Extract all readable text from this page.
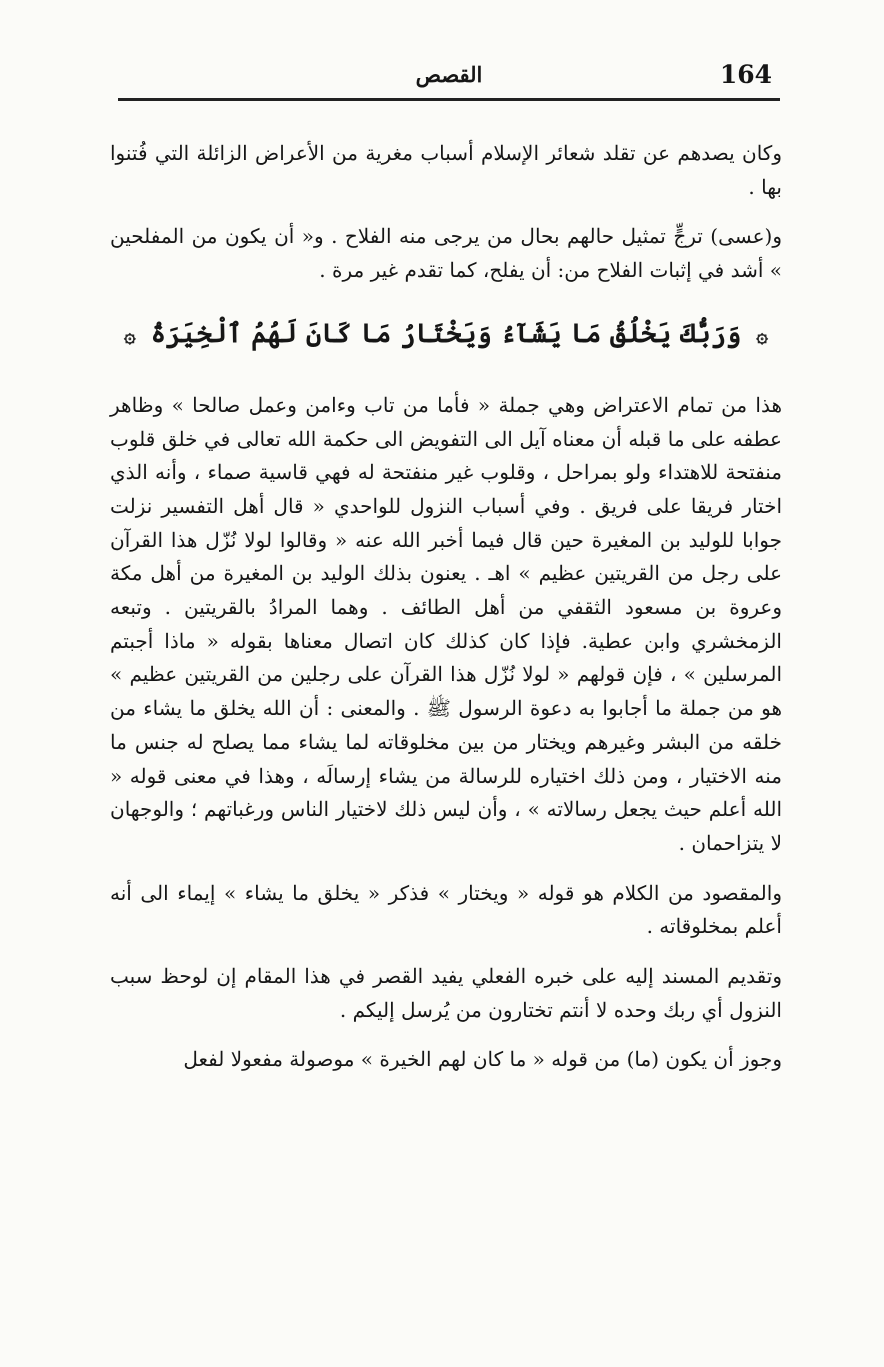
164
القصص

وكان يصدهم عن تقلد شعائر الإسلام أسباب مغرية من الأعراض الزائلة التي فُتنوا بها .

و(عسى) ترجٍّ تمثيل حالهم بحال من يرجى منه الفلاح . و« أن يكون من المفلحين » أشد في إثبات الفلاح من: أن يفلح، كما تقدم غير مرة .

۞ وَرَبُّكَ يَخْلُقُ مَا يَشَآءُ وَيَخْتَارُ مَا كَانَ لَهُمُ ٱلْخِيَرَةُ ۞

هذا من تمام الاعتراض وهي جملة « فأما من تاب وءامن وعمل صالحا » وظاهر عطفه على ما قبله أن معناه آيل الى التفويض الى حكمة الله تعالى في خلق قلوب منفتحة للاهتداء ولو بمراحل ، وقلوب غير منفتحة له فهي قاسية صماء ، وأنه الذي اختار فريقا على فريق . وفي أسباب النزول للواحدي « قال أهل التفسير نزلت جوابا للوليد بن المغيرة حين قال فيما أخبر الله عنه « وقالوا لولا نُزّل هذا القرآن على رجل من القريتين عظيم » اهـ . يعنون بذلك الوليد بن المغيرة من أهل مكة وعروة بن مسعود الثقفي من أهل الطائف . وهما المرادُ بالقريتين . وتبعه الزمخشري وابن عطية. فإذا كان كذلك كان اتصال معناها بقوله « ماذا أجبتم المرسلين » ، فإن قولهم « لولا نُزّل هذا القرآن على رجلين من القريتين عظيم » هو من جملة ما أجابوا به دعوة الرسول ﷺ . والمعنى : أن الله يخلق ما يشاء من خلقه من البشر وغيرهم ويختار من بين مخلوقاته لما يشاء مما يصلح له جنس ما منه الاختيار ، ومن ذلك اختياره للرسالة من يشاء إرسالَه ، وهذا في معنى قوله « الله أعلم حيث يجعل رسالاته » ، وأن ليس ذلك لاختيار الناس ورغباتهم ؛ والوجهان لا يتزاحمان .

والمقصود من الكلام هو قوله « ويختار » فذكر « يخلق ما يشاء » إيماء الى أنه أعلم بمخلوقاته .

وتقديم المسند إليه على خبره الفعلي يفيد القصر في هذا المقام إن لوحظ سبب النزول أي ربك وحده لا أنتم تختارون من يُرسل إليكم .

وجوز أن يكون (ما) من قوله « ما كان لهم الخيرة » موصولة مفعولا لفعل
